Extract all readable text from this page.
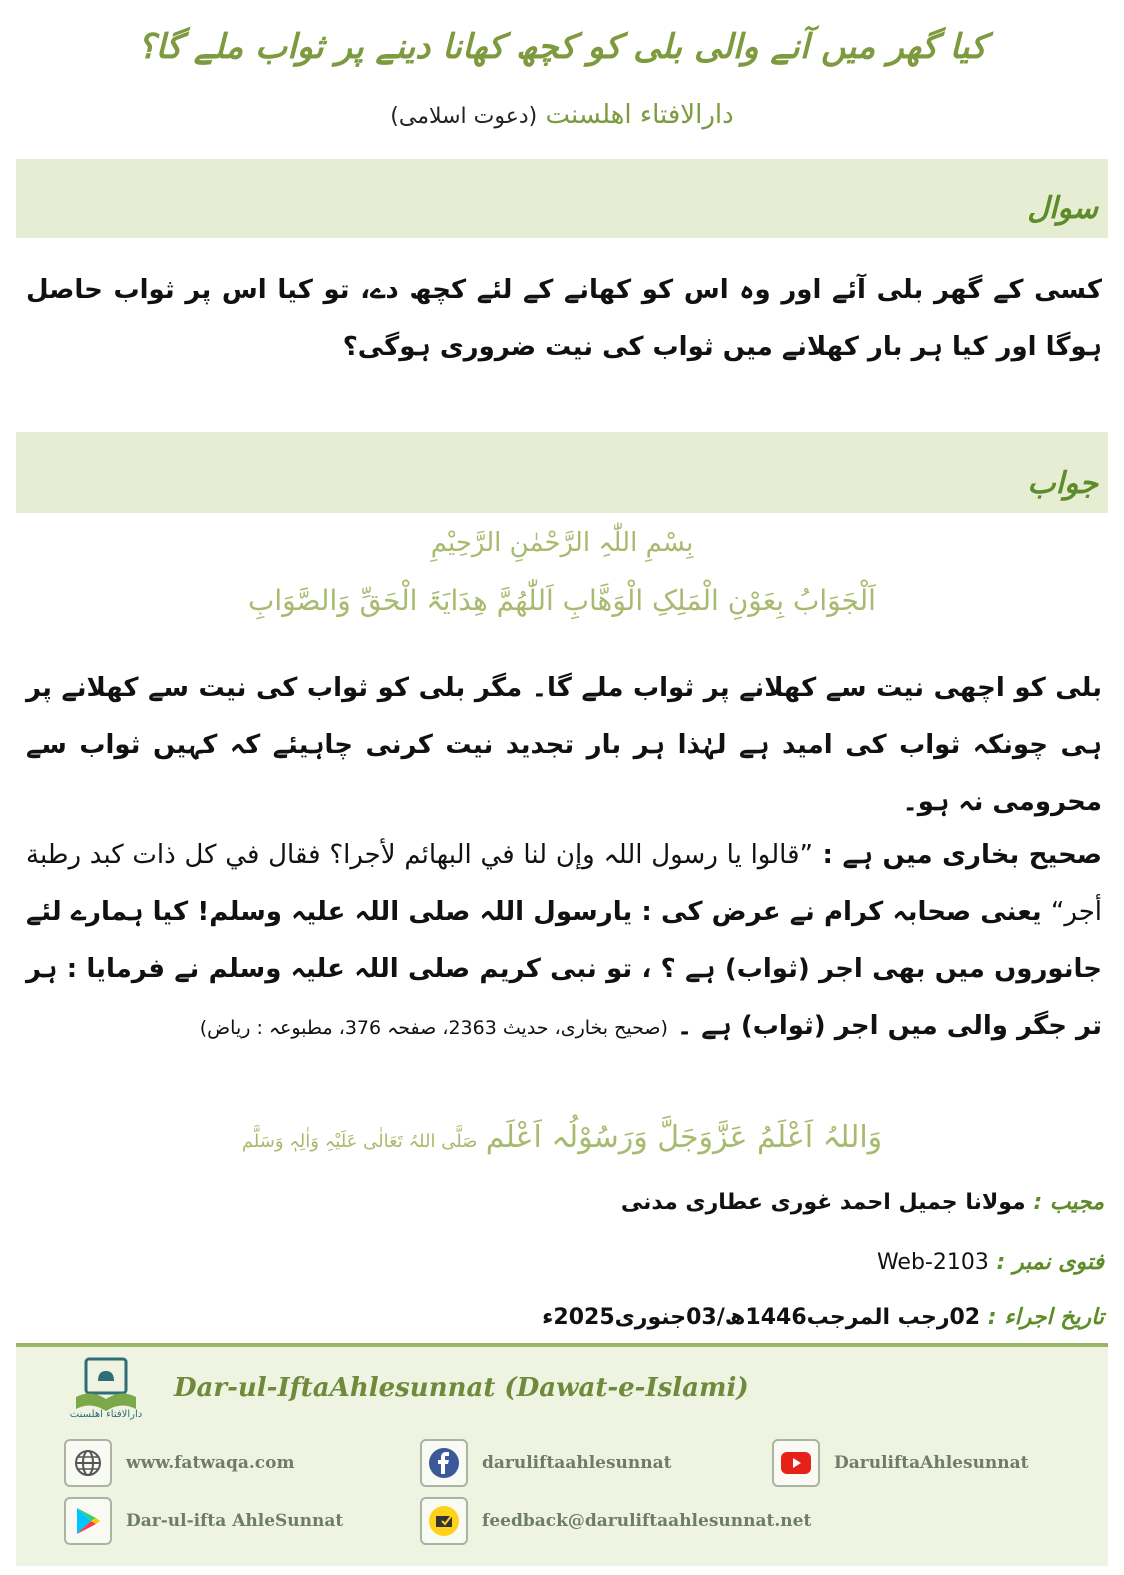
کیا گھر میں آنے والی بلی کو کچھ کھانا دینے پر ثواب ملے گا؟
دارالافتاء اھلسنت (دعوت اسلامی)
سوال
کسی کے گھر بلی آئے اور وہ اس کو کھانے کے لئے کچھ دے، تو کیا اس پر ثواب حاصل ہوگا اور کیا ہر بار کھلانے میں ثواب کی نیت ضروری ہوگی؟
جواب
بِسْمِ اللّٰہِ الرَّحْمٰنِ الرَّحِیْمِ
اَلْجَوَابُ بِعَوْنِ الْمَلِکِ الْوَھَّابِ اَللّٰھُمَّ ھِدَایَۃَ الْحَقِّ وَالصَّوَابِ
بلی کو اچھی نیت سے کھلانے پر ثواب ملے گا۔ مگر بلی کو ثواب کی نیت سے کھلانے پر ہی چونکہ ثواب کی امید ہے لہٰذا ہر بار تجدید نیت کرنی چاہیئے کہ کہیں ثواب سے محرومی نہ ہو۔
صحیح بخاری میں ہے : ”قالوا یا رسول اللہ وإن لنا في البھائم لأجرا؟ فقال في كل ذات كبد رطبة أجر“ یعنی صحابہ کرام نے عرض کی : یارسول اللہ صلی اللہ علیہ وسلم! کیا ہمارے لئے جانوروں میں بھی اجر (ثواب) ہے ؟ ، تو نبی کریم صلی اللہ علیہ وسلم نے فرمایا : ہر تر جگر والی میں اجر (ثواب) ہے ۔ (صحیح بخاری، حدیث 2363، صفحہ 376، مطبوعہ : ریاض)
وَاللہُ اَعْلَمُ عَزَّوَجَلَّ وَرَسُوْلُہ اَعْلَم صَلَّی اللہُ تَعَالٰی عَلَیْہِ وَاٰلِہٖ وَسَلَّم
مجیب : مولانا جمیل احمد غوری عطاری مدنی
فتوی نمبر : Web-2103
تاریخ اجراء : 02رجب المرجب1446ھ/03جنوری2025ء
دارالافتاء اھلسنت
Dar-ul-IftaAhlesunnat (Dawat-e-Islami)
www.fatwaqa.com	daruliftaahlesunnat	DaruliftaAhlesunnat
Dar-ul-ifta AhleSunnat	feedback@daruliftaahlesunnat.net
